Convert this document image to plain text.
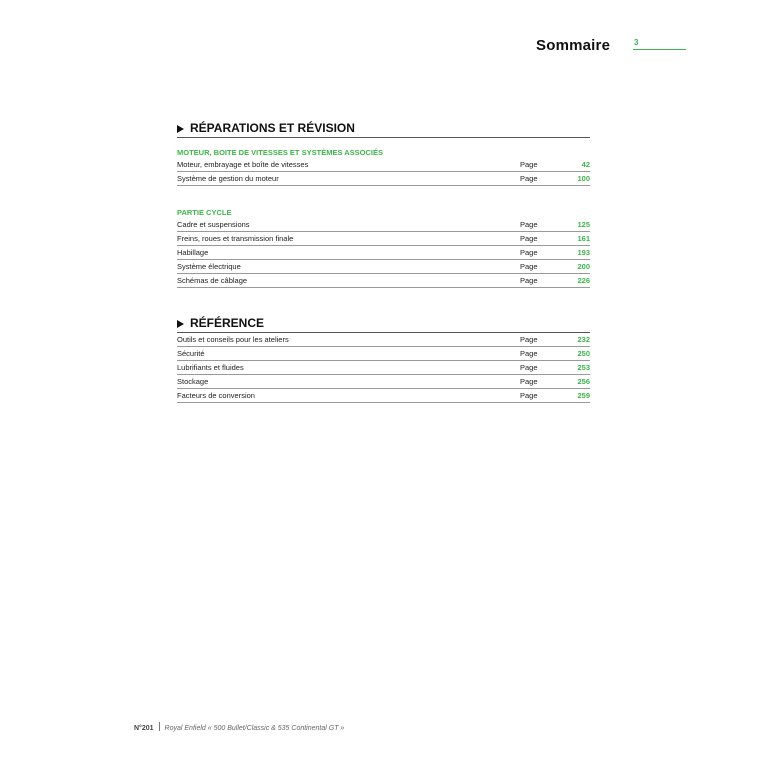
Sommaire	3
RÉPARATIONS ET RÉVISION
MOTEUR, BOITE DE VITESSES ET SYSTÈMES ASSOCIÉS
Moteur, embrayage et boîte de vitesses	Page	42
Système de gestion du moteur	Page	100
PARTIE CYCLE
Cadre et suspensions	Page	125
Freins, roues et transmission finale	Page	161
Habillage	Page	193
Système électrique	Page	200
Schémas de câblage	Page	226
RÉFÉRENCE
Outils et conseils pour les ateliers	Page	232
Sécurité	Page	250
Lubrifiants et fluides	Page	253
Stockage	Page	256
Facteurs de conversion	Page	259
N°201 Royal Enfield « 500 Bullet/Classic & 535 Continental GT »
